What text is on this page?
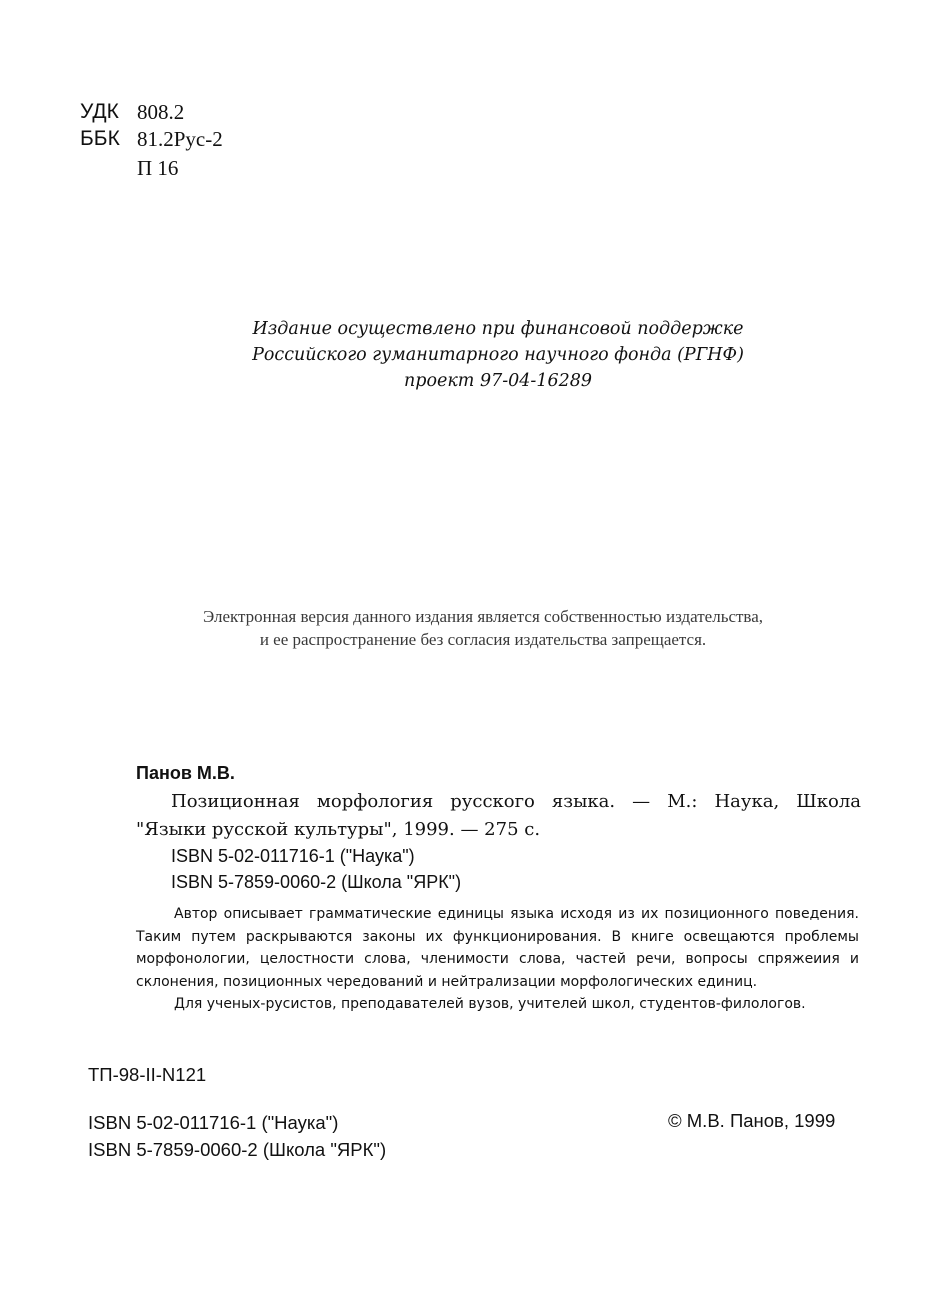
УДК 808.2
ББК 81.2Рус-2
П 16
Издание осуществлено при финансовой поддержке
Российского гуманитарного научного фонда (РГНФ)
проект 97-04-16289
Электронная версия данного издания является собственностью издательства,
и ее распространение без согласия издательства запрещается.
Панов М.В.
Позиционная морфология русского языка. — М.: Наука, Школа
"Языки русской культуры", 1999. — 275 с.
ISBN 5-02-011716-1 ("Наука")
ISBN 5-7859-0060-2 (Школа "ЯРК")

Автор описывает грамматические единицы языка исходя из их позиционного поведения. Таким путем раскрываются законы их функционирования. В книге освещаются проблемы морфонологии, целостности слова, членимости слова, частей речи, вопросы спряжеиия и склонения, позиционных чередований и нейтрализации морфологических единиц.

Для ученых-русистов, преподавателей вузов, учителей школ, студентов-филологов.

ТП-98-II-N121
ISBN 5-02-011716-1 ("Наука")
ISBN 5-7859-0060-2 (Школа "ЯРК")
© М.В. Панов, 1999
